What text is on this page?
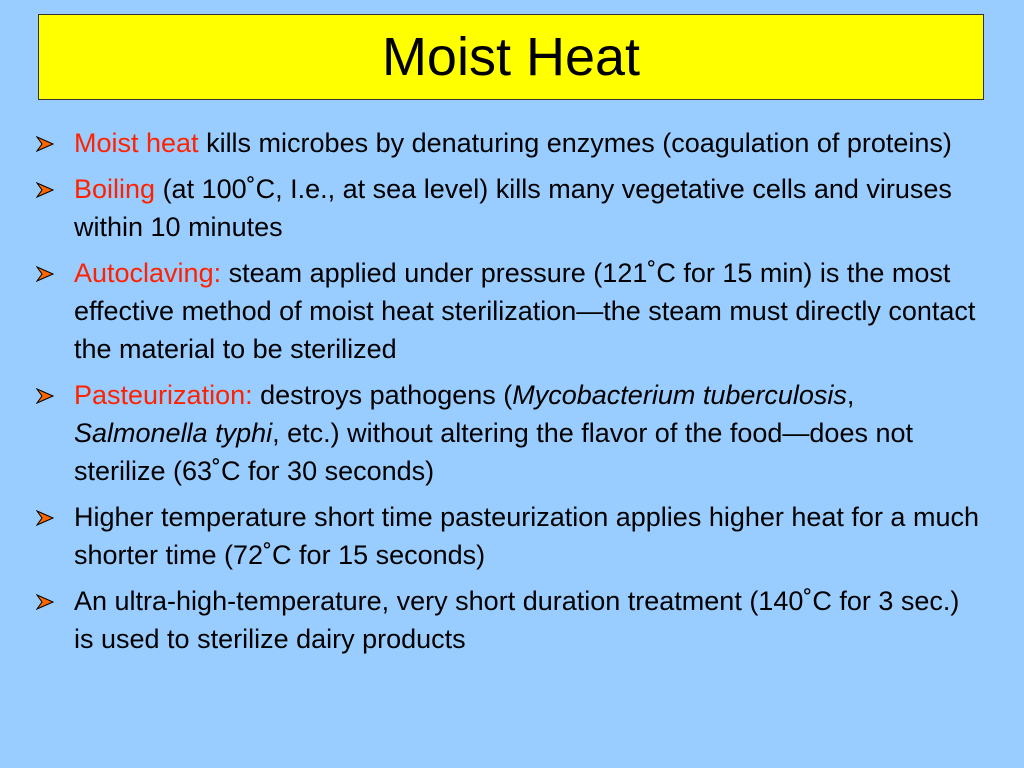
Moist Heat
Moist heat kills microbes by denaturing enzymes (coagulation of proteins)
Boiling (at 100˚C, I.e., at sea level) kills many vegetative cells and viruses within 10 minutes
Autoclaving: steam applied under pressure (121˚C for 15 min) is the most effective method of moist heat sterilization—the steam must directly contact the material to be sterilized
Pasteurization: destroys pathogens (Mycobacterium tuberculosis, Salmonella typhi, etc.) without altering the flavor of the food—does not sterilize (63˚C for 30 seconds)
Higher temperature short time pasteurization applies higher heat for a much shorter time (72˚C for 15 seconds)
An ultra-high-temperature, very short duration treatment (140˚C for 3 sec.) is used to sterilize dairy products
